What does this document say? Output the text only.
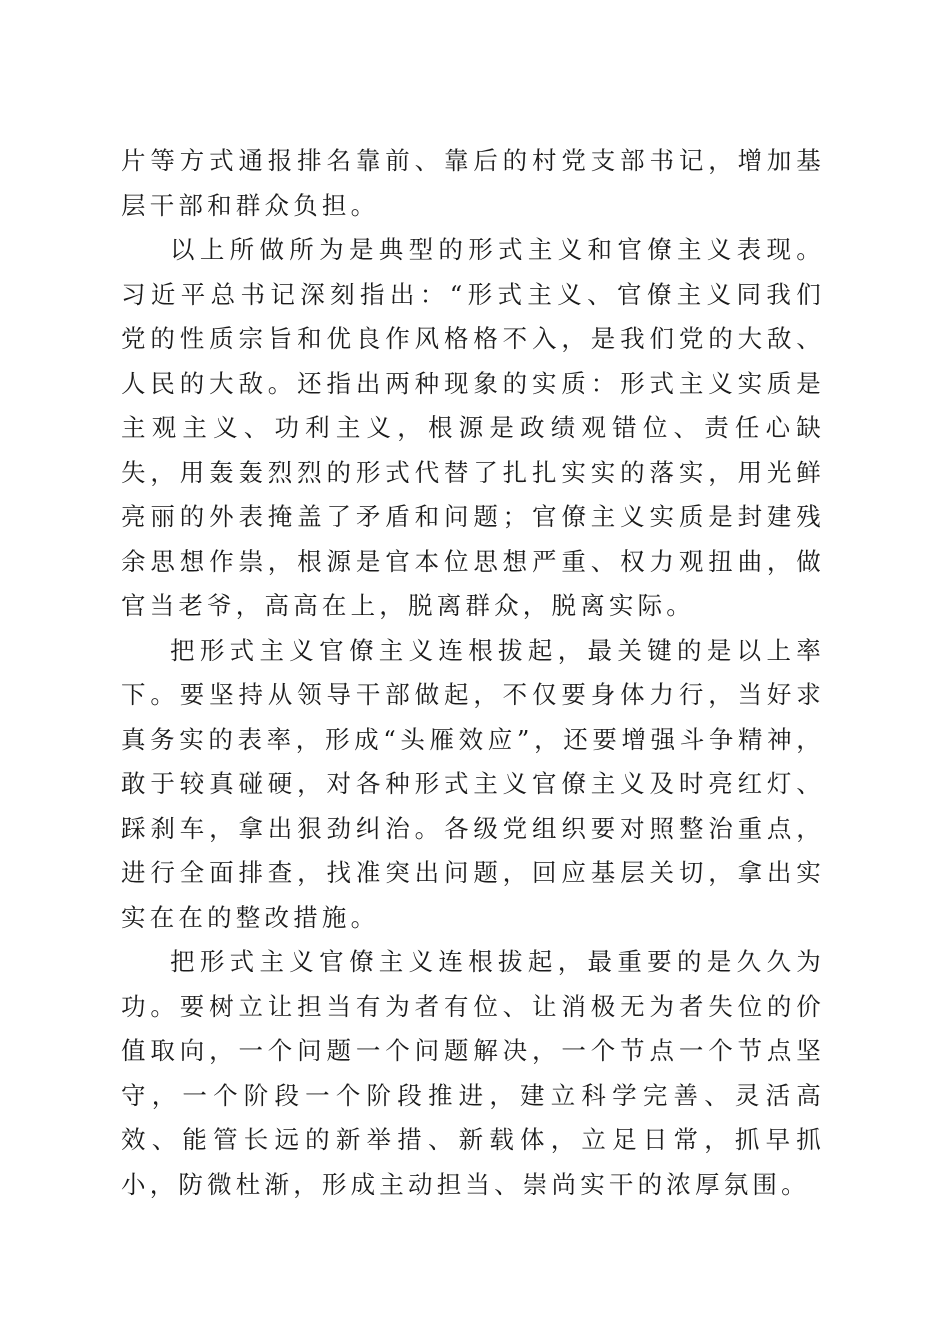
片等方式通报排名靠前、靠后的村党支部书记，增加基层干部和群众负担。

以上所做所为是典型的形式主义和官僚主义表现。习近平总书记深刻指出：“形式主义、官僚主义同我们党的性质宗旨和优良作风格格不入，是我们党的大敌、人民的大敌。还指出两种现象的实质：形式主义实质是主观主义、功利主义，根源是政绩观错位、责任心缺失，用轰轰烈烈的形式代替了扎扎实实的落实，用光鲜亮丽的外表掩盖了矛盾和问题；官僚主义实质是封建残余思想作祟，根源是官本位思想严重、权力观扭曲，做官当老爷，高高在上，脱离群众，脱离实际。

把形式主义官僚主义连根拔起，最关键的是以上率下。要坚持从领导干部做起，不仅要身体力行，当好求真务实的表率，形成“头雁效应”，还要增强斗争精神，敢于较真碰硬，对各种形式主义官僚主义及时亮红灯、踩刹车，拿出狠劲纠治。各级党组织要对照整治重点，进行全面排查，找准突出问题，回应基层关切，拿出实实在在的整改措施。

把形式主义官僚主义连根拔起，最重要的是久久为功。要树立让担当有为者有位、让消极无为者失位的价值取向，一个问题一个问题解决，一个节点一个节点坚守，一个阶段一个阶段推进，建立科学完善、灵活高效、能管长远的新举措、新载体，立足日常，抓早抓小，防微杜渐，形成主动担当、崇尚实干的浓厚氛围。
